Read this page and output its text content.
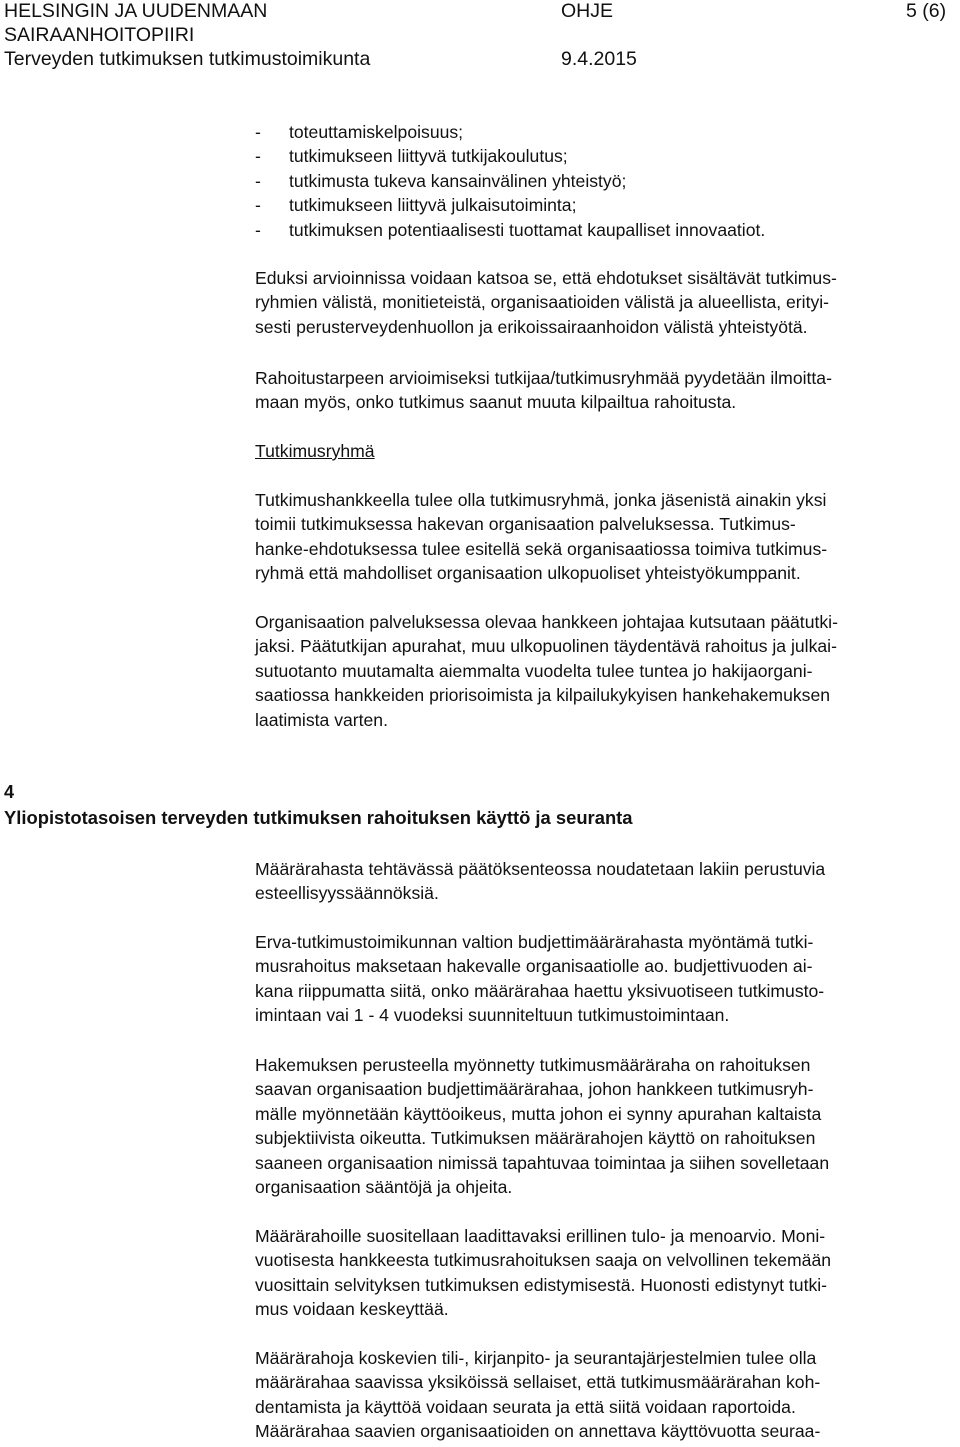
HELSINGIN JA UUDENMAAN
SAIRAANHOITOPIIRI
Terveyden tutkimuksen tutkimustoimikunta
OHJE
9.4.2015
5 (6)
-	toteuttamiskelpoisuus;
-	tutkimukseen liittyvä tutkijakoulutus;
-	tutkimusta tukeva kansainvälinen yhteistyö;
-	tutkimukseen liittyvä julkaisutoiminta;
-	tutkimuksen potentiaalisesti tuottamat kaupalliset innovaatiot.

Eduksi arvioinnissa voidaan katsoa se, että ehdotukset sisältävät tutkimus-

ryhmien välistä, monitieteistä, organisaatioiden välistä ja alueellista, erityi-

sesti perusterveydenhuollon ja erikoissairaanhoidon välistä yhteistyötä.

Rahoitustarpeen arvioimiseksi tutkijaa/tutkimusryhmää pyydetään ilmoitta-

maan myös, onko tutkimus saanut muuta kilpailtua rahoitusta.

Tutkimusryhmä

Tutkimushankkeella tulee olla tutkimusryhmä, jonka jäsenistä ainakin yksi

toimii tutkimuksessa hakevan organisaation palveluksessa. Tutkimus-

hanke-ehdotuksessa tulee esitellä sekä organisaatiossa toimiva tutkimus-

ryhmä että mahdolliset organisaation ulkopuoliset yhteistyökumppanit.

Organisaation palveluksessa olevaa hankkeen johtajaa kutsutaan päätutki-

jaksi. Päätutkijan apurahat, muu ulkopuolinen täydentävä rahoitus ja julkai-

sutuotanto muutamalta aiemmalta vuodelta tulee tuntea jo hakijaorgani-

saatiossa hankkeiden priorisoimista ja kilpailukykyisen hankehakemuksen

laatimista varten.

4
Yliopistotasoisen terveyden tutkimuksen rahoituksen käyttö ja seuranta

Määrärahasta tehtävässä päätöksenteossa noudatetaan lakiin perustuvia

esteellisyyssäännöksiä.

Erva-tutkimustoimikunnan valtion budjettimäärärahasta myöntämä tutki-

musrahoitus maksetaan hakevalle organisaatiolle ao. budjettivuoden ai-

kana riippumatta siitä, onko määrärahaa haettu yksivuotiseen tutkimusto-

imintaan vai 1 - 4 vuodeksi suunniteltuun tutkimustoimintaan.

Hakemuksen perusteella myönnetty tutkimusmääräraha on rahoituksen

saavan organisaation budjettimäärärahaa, johon hankkeen tutkimusryh-

mälle myönnetään käyttöoikeus, mutta johon ei synny apurahan kaltaista

subjektiivista oikeutta. Tutkimuksen määrärahojen käyttö on rahoituksen

saaneen organisaation nimissä tapahtuvaa toimintaa ja siihen sovelletaan

organisaation sääntöjä ja ohjeita.

Määrärahoille suositellaan laadittavaksi erillinen tulo- ja menoarvio. Moni-

vuotisesta hankkeesta tutkimusrahoituksen saaja on velvollinen tekemään

vuosittain selvityksen tutkimuksen edistymisestä. Huonosti edistynyt tutki-

mus voidaan keskeyttää.

Määrärahoja koskevien tili-, kirjanpito- ja seurantajärjestelmien tulee olla

määrärahaa saavissa yksiköissä sellaiset, että tutkimusmäärärahan koh-

dentamista ja käyttöä voidaan seurata ja että siitä voidaan raportoida.

Määrärahaa saavien organisaatioiden on annettava käyttövuotta seuraa-
